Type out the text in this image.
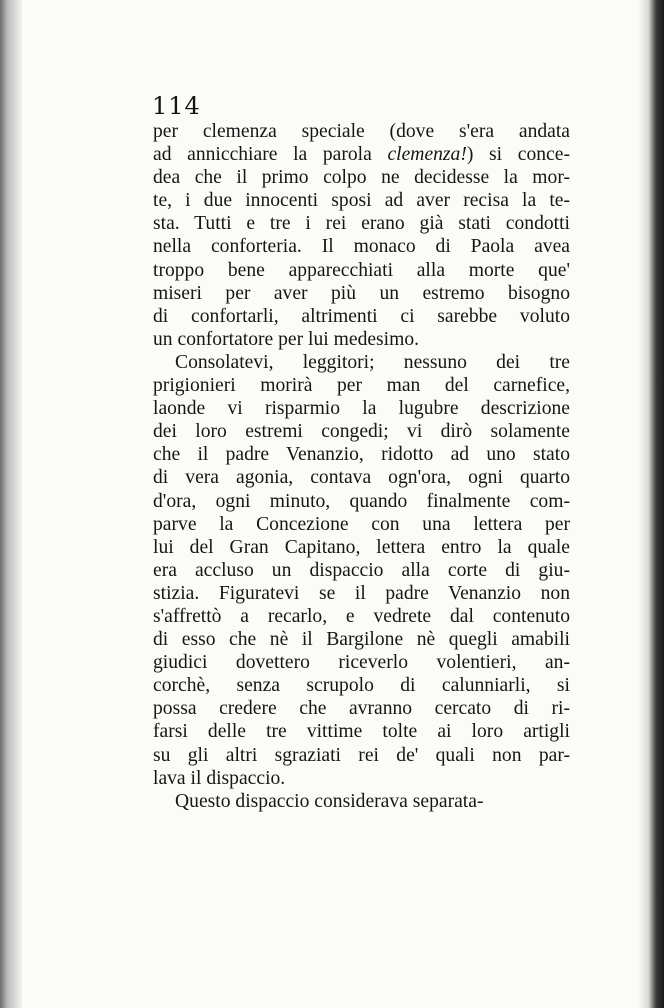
114
per clemenza speciale (dove s'era andata
ad annicchiare la parola clemenza!) si conce-
dea che il primo colpo ne decidesse la mor-
te, i due innocenti sposi ad aver recisa la te-
sta. Tutti e tre i rei erano già stati condotti
nella conforteria. Il monaco di Paola avea
troppo bene apparecchiati alla morte que'
miseri per aver più un estremo bisogno
di confortarli, altrimenti ci sarebbe voluto
un confortatore per lui medesimo.
Consolatevi, leggitori; nessuno dei tre
prigionieri morirà per man del carnefice,
laonde vi risparmio la lugubre descrizione
dei loro estremi congedi; vi dirò solamente
che il padre Venanzio, ridotto ad uno stato
di vera agonia, contava ogn'ora, ogni quarto
d'ora, ogni minuto, quando finalmente com-
parve la Concezione con una lettera per
lui del Gran Capitano, lettera entro la quale
era accluso un dispaccio alla corte di giu-
stizia. Figuratevi se il padre Venanzio non
s'affrettò a recarlo, e vedrete dal contenuto
di esso che nè il Bargilone nè quegli amabili
giudici dovettero riceverlo volentieri, an-
corchè, senza scrupolo di calunniarli, si
possa credere che avranno cercato di ri-
farsi delle tre vittime tolte ai loro artigli
su gli altri sgraziati rei de' quali non par-
lava il dispaccio.
Questo dispaccio considerava separata-
